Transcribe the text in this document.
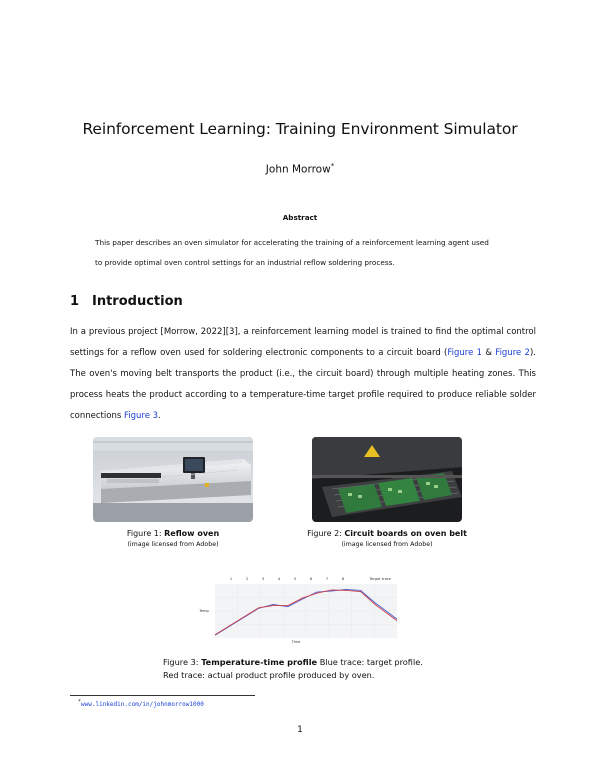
Reinforcement Learning: Training Environment Simulator
John Morrow*
Abstract
This paper describes an oven simulator for accelerating the training of a reinforcement learning agent used
to provide optimal oven control settings for an industrial reflow soldering process.
1 Introduction
In a previous project [Morrow, 2022][3], a reinforcement learning model is trained to find the optimal control settings for a reflow oven used for soldering electronic components to a circuit board (Figure 1 & Figure 2). The oven's moving belt transports the product (i.e., the circuit board) through multiple heating zones. This process heats the product according to a temperature-time target profile required to produce reliable solder connections Figure 3.
Figure 1: Reflow oven
(image licensed from Adobe)
Figure 2: Circuit boards on oven belt
(image licensed from Adobe)
1	2	3	4	5	6	7	8	Target trace
Temp
Time
Figure 3: Temperature-time profile Blue trace: target profile.
Red trace: actual product profile produced by oven.
*www.linkedin.com/in/johnmorrow1000
1
